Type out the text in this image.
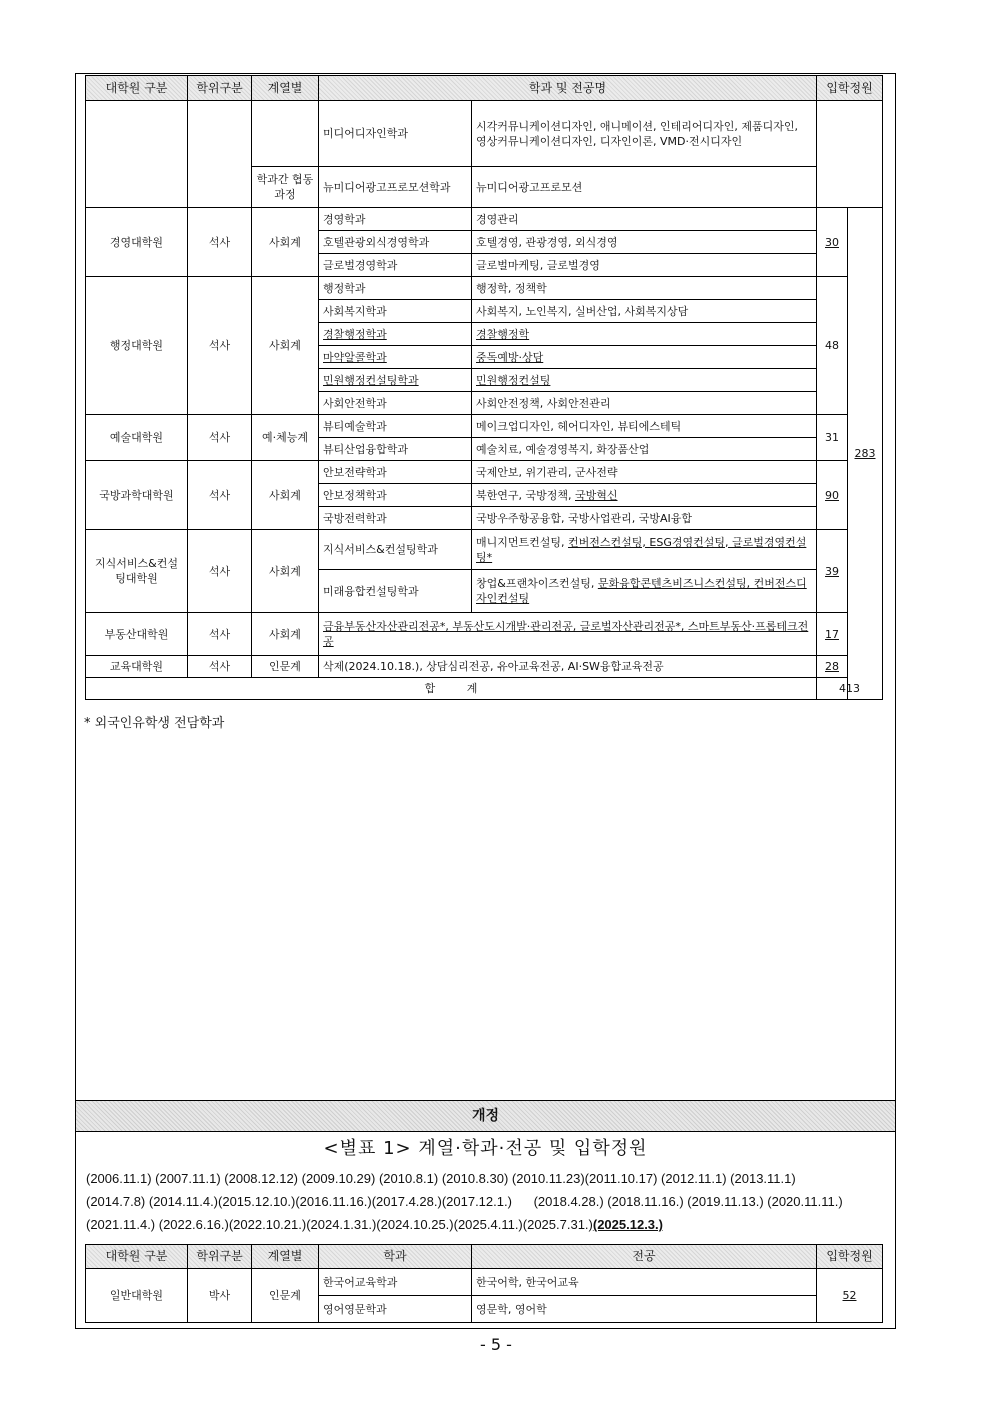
대학원 구분	학위구분	계열별	학과 및 전공명		입학정원	
			미디어디자인학과	시각커뮤니케이션디자인, 애니메이션, 인테리어디자인, 제품디자인, 영상커뮤니케이션디자인, 디자인이론, VMD·전시디자인		
		학과간 협동과정	뉴미디어광고프로모션학과	뉴미디어광고프로모션		
경영대학원	석사	사회계	경영학과	경영관리	30	283
			호텔관광외식경영학과	호텔경영, 관광경영, 외식경영		
			글로벌경영학과	글로벌마케팅, 글로벌경영		
행정대학원	석사	사회계	행정학과	행정학, 정책학	48	
			사회복지학과	사회복지, 노인복지, 실버산업, 사회복지상담		
			경찰행정학과	경찰행정학		
			마약알콜학과	중독예방·상담		
			민원행정컨설팅학과	민원행정컨설팅		
			사회안전학과	사회안전정책, 사회안전관리		
예술대학원	석사	예·체능계	뷰티예술학과	메이크업디자인, 헤어디자인, 뷰티에스테틱	31	
			뷰티산업융합학과	예술치료, 예술경영복지, 화장품산업		
국방과학대학원	석사	사회계	안보전략학과	국제안보, 위기관리, 군사전략	90	
			안보정책학과	북한연구, 국방정책, 국방혁신		
			국방전력학과	국방우주항공융합, 국방사업관리, 국방AI융합		
지식서비스&컨설팅대학원	석사	사회계	지식서비스&컨설팅학과	매니지먼트컨설팅, 컨버전스컨설팅, ESG경영컨설팅, 글로벌경영컨설팅*	39	
			미래융합컨설팅학과	창업&프랜차이즈컨설팅, 문화융합콘텐츠비즈니스컨설팅, 컨버전스디자인컨설팅		
부동산대학원	석사	사회계	금융부동산자산관리전공*, 부동산도시개발·관리전공, 글로벌자산관리전공*, 스마트부동산·프롭테크전공		17	
교육대학원	석사	인문계	삭제(2024.10.18.), 상담심리전공, 유아교육전공, AI·SW융합교육전공		28	
합         계					413	
* 외국인유학생 전담학과
개정
<별표 1> 계열·학과·전공 및 입학정원
(2006.11.1) (2007.11.1) (2008.12.12) (2009.10.29) (2010.8.1) (2010.8.30) (2010.11.23)(2011.10.17) (2012.11.1) (2013.11.1)
(2014.7.8) (2014.11.4.)(2015.12.10.)(2016.11.16.)(2017.4.28.)(2017.12.1.)      (2018.4.28.) (2018.11.16.) (2019.11.13.) (2020.11.11.)
(2021.11.4.) (2022.6.16.)(2022.10.21.)(2024.1.31.)(2024.10.25.)(2025.4.11.)(2025.7.31.)(2025.12.3.)
대학원 구분	학위구분	계열별	학과	전공	입학정원
일반대학원	박사	인문계	한국어교육학과	한국어학, 한국어교육	52
			영어영문학과	영문학, 영어학	
- 5 -
